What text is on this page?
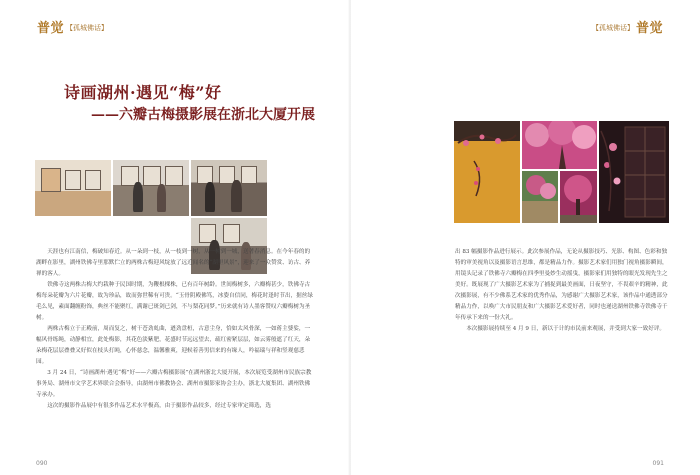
普觉 【孤城佛话】
诗画湖州·遇见“梅”好
——六瓣古梅摄影展在浙北大厦开展

天涯也有江南信，梅破知春近。从一朵到一枝，从一枝到一树，从一树到一城，送著春消息。在今年春的的湖畔在影里，湖州铁佛寺里那默伫立的两株古梅迎风绽放了远近闻名的“湖里风景”，迎来了一众赞赏、访古、养禅的客人。

铁佛寺这两株古梅大约栽种于民国时期，为鞭根棵株，已有百年树龄。世间梅树多，六瓣梅甚少，铁佛寺古梅每朵花瓣为六片花瓣，故为珍品，故而弥世稀有可贵。“玉骨阴殿佛笃，冰姿自信同，梅花时逢时节出，据丝绿毛么见，素面翻缠粉饰，典丝不能聚红，满谢已斑剑已剑，不与梨花同梦。”历来就有诗人墨客赞叹六瓣梅树为圣树。

两株古梅立于正殿前，周而复之，树干苍劲虬曲，遒劲盘桓，古意尘身，恰如太风骨深，一如蒋主婆娑，一幅风骨练绳，动静相宜，此处梅影，其花色淡紫肥，花盛时节远远望去，疏红密紧层层，如云雾般遮了红天，朵朵梅花层层叠叠又好似在枝头打盹，心怀慈念，温馨雅爽，迎候着善男信来的有缘人，吟福瑞与祥和竖观慈悲园。

3 月 24 日，“诗画湖州·遇见“梅”好——六瓣古梅摄影展”在湖州浙北大厦开展，本次展览受湖州市民族宗教事务局、湖州市文学艺术界联合会指导，由湖州市佛教协会、湖州市摄影家协会主办，浙北大厦集团、湖州铁佛寺承办。

这次的摄影作品展中有很多作品艺术水平极高，由于摄影作品较多，经过专家审定筛选，选

090
【孤城佛话】 普觉

出 83 幅摄影作品进行展示。此次参展作品，无论从摄影技巧、光影、构图、色彩和独特的审美视角以及摄影语言思维，都是精品力作。摄影艺术家们用独门视角摄影瞬间，用镜头记录了铁佛寺六瓣梅在四季里曼妙生动摇曳，摄影家们用独特的眼光发现先生之美好。既展现了广大摄影艺术家为了捕捉到最美画面，日夜坚守，不畏艰辛的精神，此次摄影展，有不少佛系艺术家的优秀作品，为感谢广大摄影艺术家，该作品中通透部分精品力作，以唤广大市民朋友和广大摄影艺术爱好者，同时也递送湖州铁佛寺铁佛寺千年传承下来的一份大礼。

本次摄影展持续至 4 月 9 日，新以于计的市民前来观展，并受到大家一致好评。

091
